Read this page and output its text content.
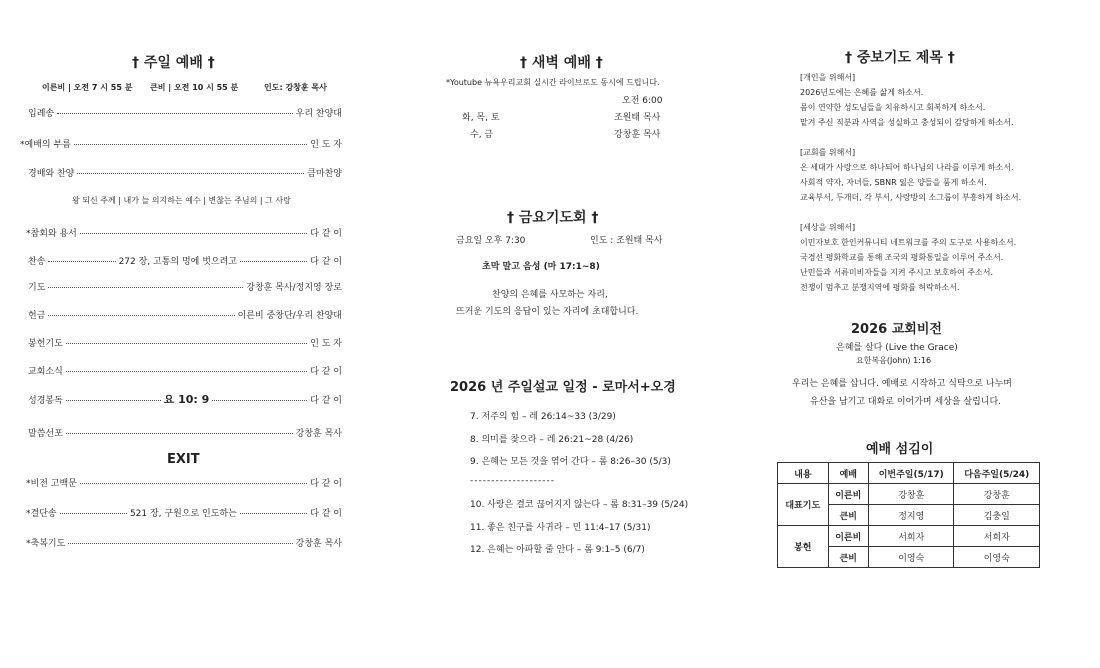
† 주일 예배 †
이른비 | 오전 7 시 55 분 큰비 | 오전 10 시 55 분	인도: 강창훈 목사
입례송	우리 찬양대
*예배의 부름	인 도 자
경배와 찬양	큼마찬양
왕 되신 주께 | 내가 늘 의지하는 예수 | 변찮는 주님의 | 그 사랑
*참회와 용서	다 같 이
찬송	272 장, 고통의 멍에 벗으려고	다 같 이
기도	강창훈 목사/정지영 장로
헌금	이른비 중창단/우리 찬양대
봉헌기도	인 도 자
교회소식	다 같 이
성경봉독	요 10: 9	다 같 이
말씀선포	강창훈 목사
EXIT
*비전 고백문	다 같 이
*결단송	521 장, 구원으로 인도하는	다 같 이
*축복기도	강창훈 목사
† 새벽 예배 †
*Youtube 뉴욕우리교회 실시간 라이브로도 동시에 드립니다.
오전 6:00
화, 목, 토	조원태 목사
수, 금	강창훈 목사
† 금요기도회 †
금요일 오후 7:30	인도 : 조원태 목사
초막 말고 음성 (마 17:1~8)
찬양의 은혜를 사모하는 자리,
뜨거운 기도의 응답이 있는 자리에 초대합니다.
2026 년 주일설교 일정 - 로마서+오경
7. 저주의 힘 – 레 26:14~33 (3/29)
8. 의미를 찾으라 – 레 26:21~28 (4/26)
9. 은혜는 모든 것을 엮어 간다 – 롬 8:26–30 (5/3)
--------------------
10. 사랑은 결코 끊어지지 않는다 – 롬 8:31–39 (5/24)
11. 좋은 친구를 사귀라 – 민 11:4–17 (5/31)
12. 은혜는 아파할 줄 안다 – 롬 9:1–5 (6/7)
† 중보기도 제목 †
[개인을 위해서]
2026년도에는 은혜를 삶게 하소서.
몸이 연약한 성도님들을 치유하시고 회복하게 하소서.
맡겨 주신 직분과 사역을 성실하고 충성되이 감당하게 하소서.

[교회를 위해서]
온 세대가 사랑으로 하나되어 하나님의 나라를 이루게 하소서.
사회적 약자, 자녀들, SBNR 잃은 양들을 품게 하소서.
교육부서, 두개더, 각 부서, 사랑방의 소그룹이 부흥하게 하소서.

[세상을 위해서]
이민자보호 한인커뮤니티 네트워크를 주의 도구로 사용하소서.
국경선 평화학교를 통해 조국의 평화통일을 이루어 주소서.
난민들과 서류미비자들을 지켜 주시고 보호하여 주소서.
전쟁이 멈추고 분쟁지역에 평화를 허락하소서.
2026 교회비전
은혜를 살다 (Live the Grace)
요한복음(John) 1:16
우리는 은혜를 삽니다. 예배로 시작하고 식탁으로 나누며
유산을 남기고 대화로 이어가며 세상을 살립니다.
예배 섬김이
내용	예배	이번주일(5/17)	다음주일(5/24)
대표기도	이른비	강창훈	강창훈
	큰비	정지영	김충일
봉헌	이른비	서희자	서희자
	큰비	이영숙	이영숙
